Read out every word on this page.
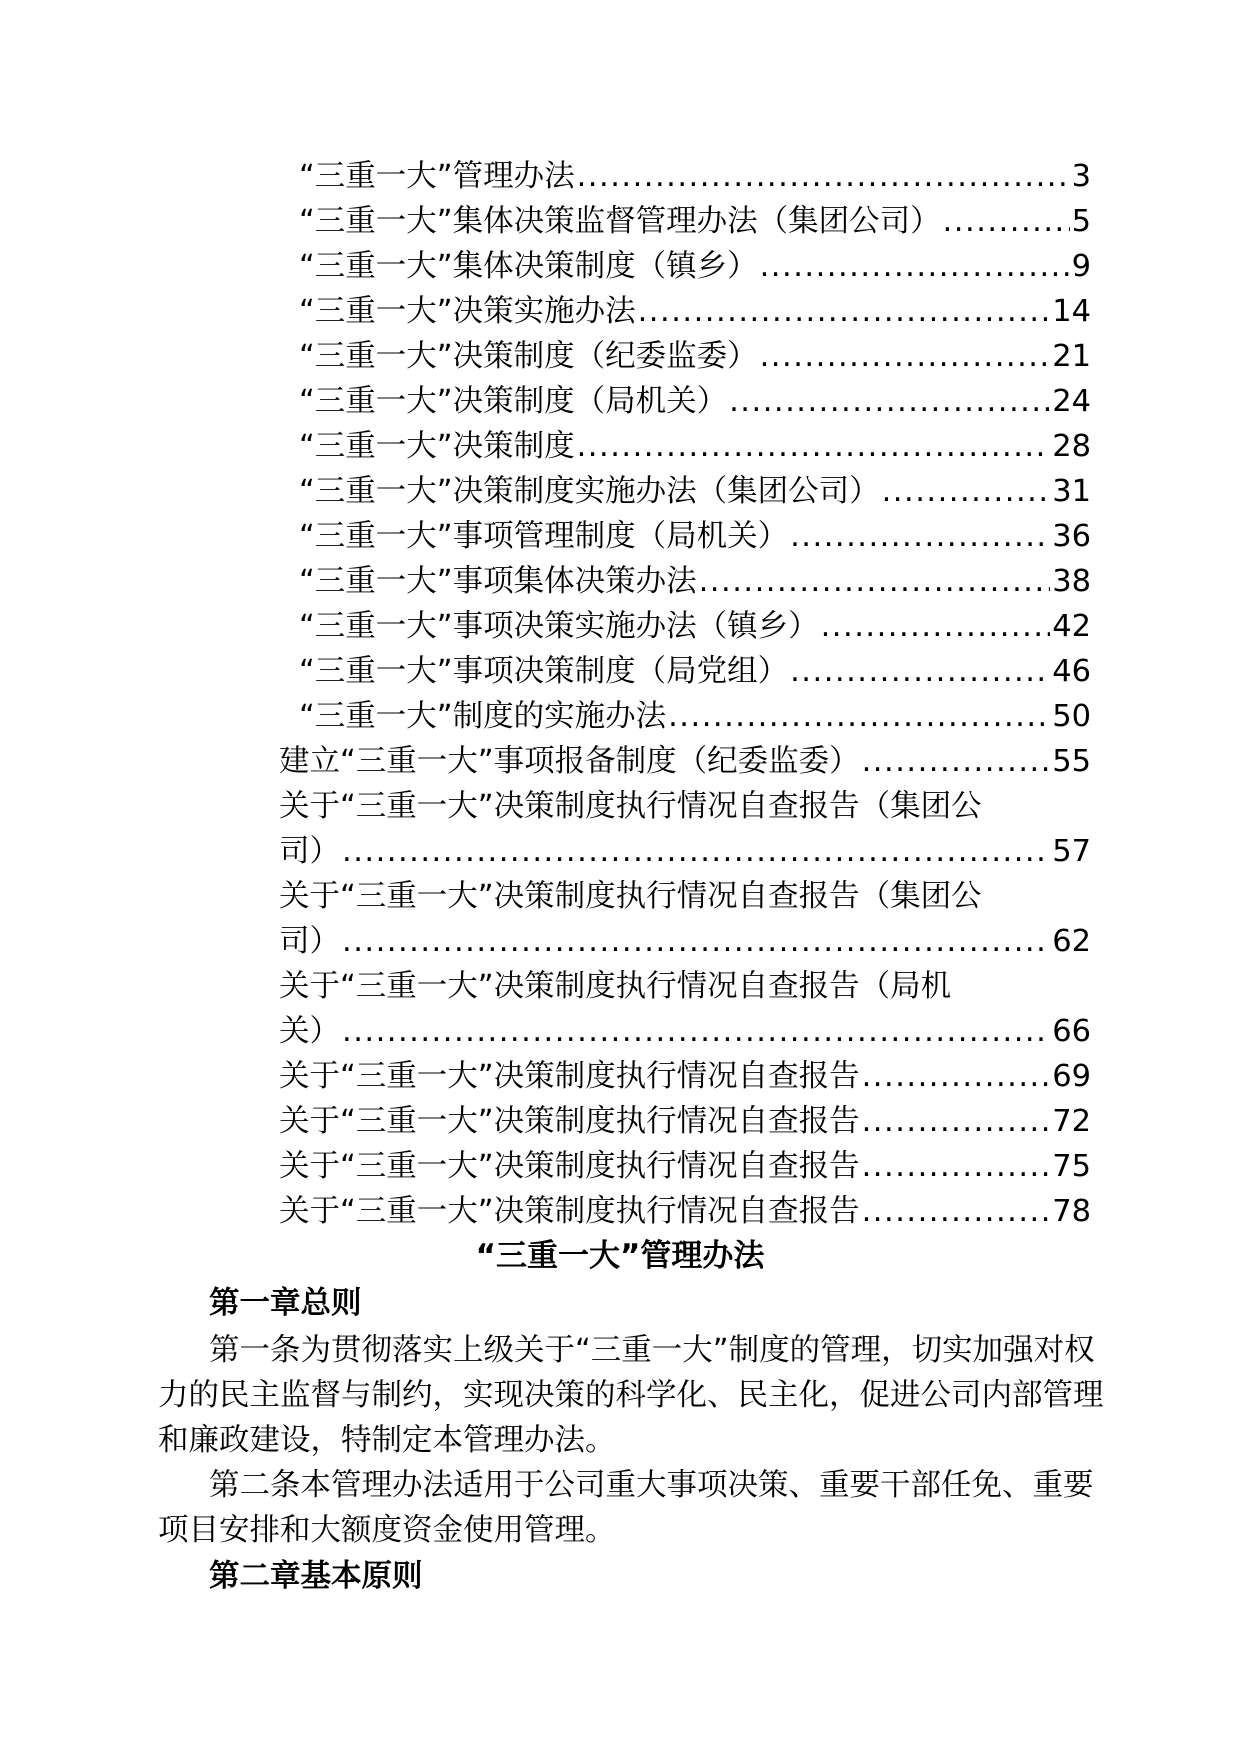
“三重一大”管理办法 .....	3
“三重一大”集体决策监督管理办法（集团公司） .....	5
“三重一大”集体决策制度（镇乡） .....	9
“三重一大”决策实施办法 .....	14
“三重一大”决策制度（纪委监委） .....	21
“三重一大”决策制度（局机关） .....	24
“三重一大”决策制度 .....	28
“三重一大”决策制度实施办法（集团公司） .....	31
“三重一大”事项管理制度（局机关） .....	36
“三重一大”事项集体决策办法 .....	38
“三重一大”事项决策实施办法（镇乡） .....	42
“三重一大”事项决策制度（局党组） .....	46
“三重一大”制度的实施办法 .....	50
建立“三重一大”事项报备制度（纪委监委） .....	55
关于“三重一大”决策制度执行情况自查报告（集团公
司） .....	57
关于“三重一大”决策制度执行情况自查报告（集团公
司） .....	62
关于“三重一大”决策制度执行情况自查报告（局机
关） .....	66
关于“三重一大”决策制度执行情况自查报告 .....	69
关于“三重一大”决策制度执行情况自查报告 .....	72
关于“三重一大”决策制度执行情况自查报告 .....	75
关于“三重一大”决策制度执行情况自查报告 .....	78
“三重一大”管理办法
第一章总则

第一条为贯彻落实上级关于“三重一大”制度的管理，切实加强对权力的民主监督与制约，实现决策的科学化、民主化，促进公司内部管理和廉政建设，特制定本管理办法。

第二条本管理办法适用于公司重大事项决策、重要干部任免、重要项目安排和大额度资金使用管理。

第二章基本原则
